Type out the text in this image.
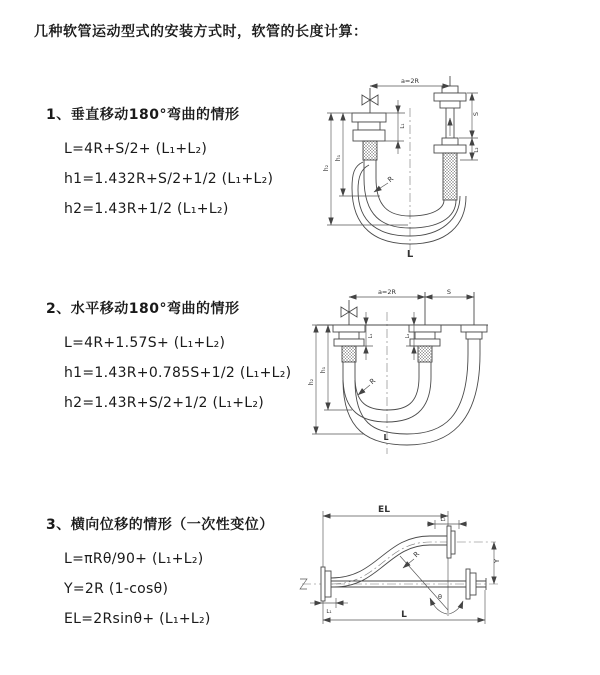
几种软管运动型式的安装方式时，软管的长度计算：
1、垂直移动180°弯曲的情形
L=4R+S/2+ (L₁+L₂)
h1=1.432R+S/2+1/2 (L₁+L₂)
h2=1.43R+1/2 (L₁+L₂)
a=2R
h₁
h₂
L₁
S
L₂
R
L
2、水平移动180°弯曲的情形
L=4R+1.57S+ (L₁+L₂)
h1=1.43R+0.785S+1/2 (L₁+L₂)
h2=1.43R+S/2+1/2 (L₁+L₂)
a=2R	S
h₁
h₂
L₁	L₂
R
L
3、横向位移的情形（一次性变位）
L=πRθ/90+ (L₁+L₂)
Y=2R (1-cosθ)
EL=2Rsinθ+ (L₁+L₂)
EL
L₂
Y
θ
R
L
L₁
